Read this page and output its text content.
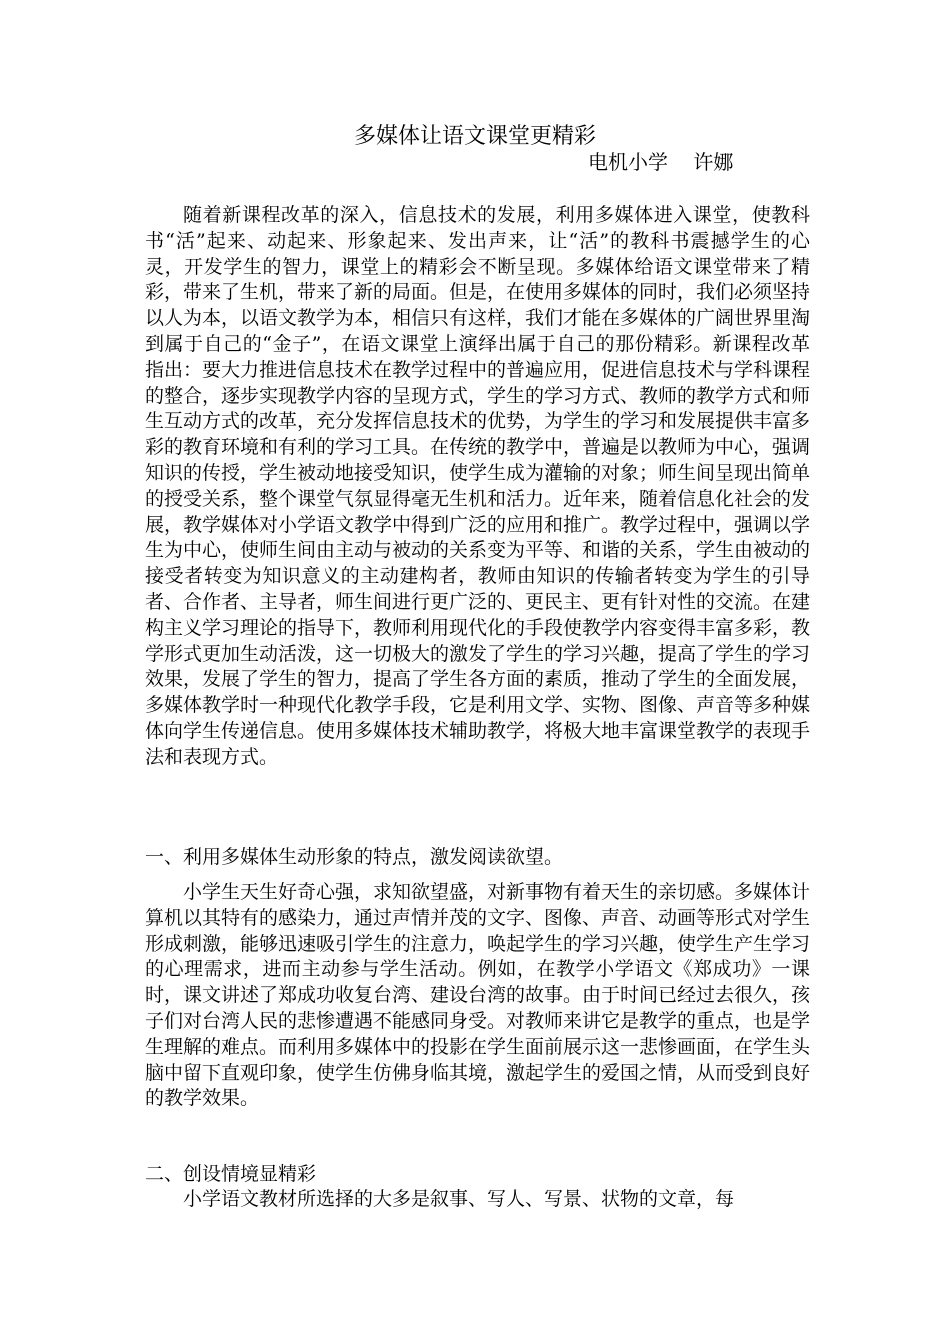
多媒体让语文课堂更精彩
电机小学    许娜

随着新课程改革的深入，信息技术的发展，利用多媒体进入课堂，使教科书“活”起来、动起来、形象起来、发出声来，让“活”的教科书震撼学生的心灵，开发学生的智力，课堂上的精彩会不断呈现。多媒体给语文课堂带来了精彩，带来了生机，带来了新的局面。但是，在使用多媒体的同时，我们必须坚持以人为本，以语文教学为本，相信只有这样，我们才能在多媒体的广阔世界里淘到属于自己的“金子”，在语文课堂上演绎出属于自己的那份精彩。新课程改革指出：要大力推进信息技术在教学过程中的普遍应用，促进信息技术与学科课程的整合，逐步实现教学内容的呈现方式，学生的学习方式、教师的教学方式和师生互动方式的改革，充分发挥信息技术的优势，为学生的学习和发展提供丰富多彩的教育环境和有利的学习工具。在传统的教学中，普遍是以教师为中心，强调知识的传授，学生被动地接受知识，使学生成为灌输的对象；师生间呈现出简单的授受关系，整个课堂气氛显得毫无生机和活力。近年来，随着信息化社会的发展，教学媒体对小学语文教学中得到广泛的应用和推广。教学过程中，强调以学生为中心，使师生间由主动与被动的关系变为平等、和谐的关系，学生由被动的接受者转变为知识意义的主动建构者，教师由知识的传输者转变为学生的引导者、合作者、主导者，师生间进行更广泛的、更民主、更有针对性的交流。在建构主义学习理论的指导下，教师利用现代化的手段使教学内容变得丰富多彩，教学形式更加生动活泼，这一切极大的激发了学生的学习兴趣，提高了学生的学习效果，发展了学生的智力，提高了学生各方面的素质，推动了学生的全面发展，多媒体教学时一种现代化教学手段，它是利用文学、实物、图像、声音等多种媒体向学生传递信息。使用多媒体技术辅助教学，将极大地丰富课堂教学的表现手法和表现方式。

一、利用多媒体生动形象的特点，激发阅读欲望。

小学生天生好奇心强，求知欲望盛，对新事物有着天生的亲切感。多媒体计算机以其特有的感染力，通过声情并茂的文字、图像、声音、动画等形式对学生形成刺激，能够迅速吸引学生的注意力，唤起学生的学习兴趣，使学生产生学习的心理需求，进而主动参与学生活动。例如，在教学小学语文《郑成功》一课时，课文讲述了郑成功收复台湾、建设台湾的故事。由于时间已经过去很久，孩子们对台湾人民的悲惨遭遇不能感同身受。对教师来讲它是教学的重点，也是学生理解的难点。而利用多媒体中的投影在学生面前展示这一悲惨画面，在学生头脑中留下直观印象，使学生仿佛身临其境，激起学生的爱国之情，从而受到良好的教学效果。

二、创设情境显精彩

小学语文教材所选择的大多是叙事、写人、写景、状物的文章，每
